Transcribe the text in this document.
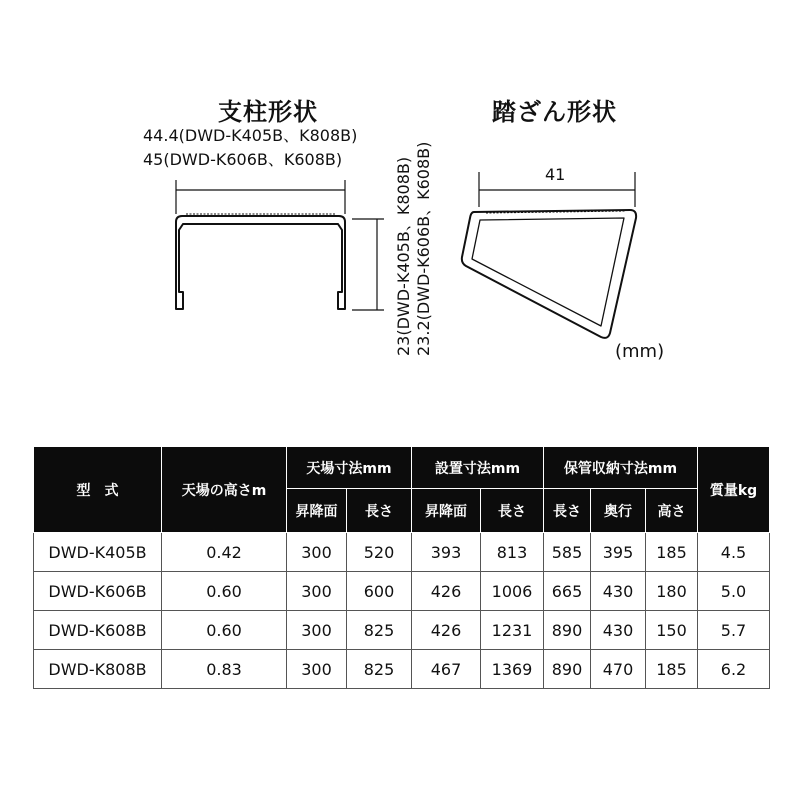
支柱形状	踏ざん形状
44.4(DWD-K405B、K808B)
45(DWD-K606B、K608B)	23(DWD-K405B、K808B) 23.2(DWD-K606B、K608B)	41
(mm)
型　式	天場の高さm	天場寸法mm		設置寸法mm		保管収納寸法mm			質量kg
		昇降面	長さ	昇降面	長さ	長さ	奥行	高さ	
DWD-K405B	0.42	300	520	393	813	585	395	185	4.5
DWD-K606B	0.60	300	600	426	1006	665	430	180	5.0
DWD-K608B	0.60	300	825	426	1231	890	430	150	5.7
DWD-K808B	0.83	300	825	467	1369	890	470	185	6.2
